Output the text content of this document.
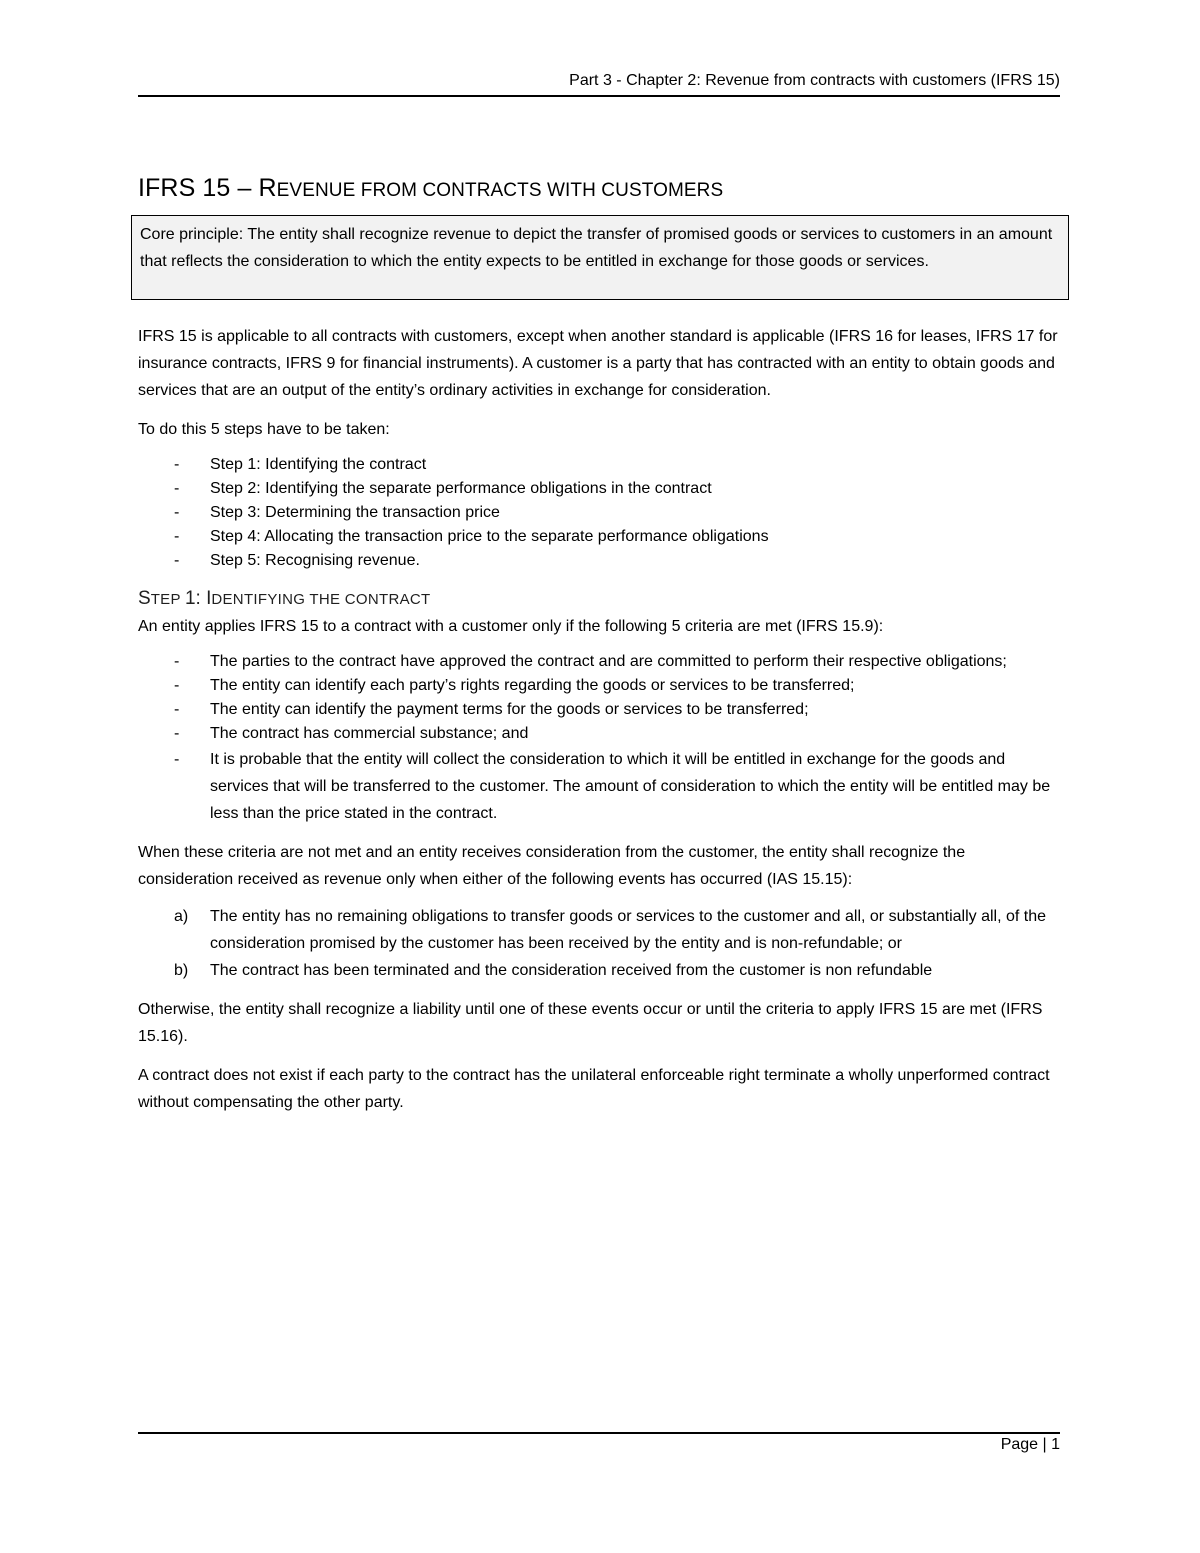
Part 3 - Chapter 2: Revenue from contracts with customers (IFRS 15)
IFRS 15 – REVENUE FROM CONTRACTS WITH CUSTOMERS
Core principle: The entity shall recognize revenue to depict the transfer of promised goods or services to customers in an amount that reflects the consideration to which the entity expects to be entitled in exchange for those goods or services.

IFRS 15 is applicable to all contracts with customers, except when another standard is applicable (IFRS 16 for leases, IFRS 17 for insurance contracts, IFRS 9 for financial instruments). A customer is a party that has contracted with an entity to obtain goods and services that are an output of the entity’s ordinary activities in exchange for consideration.

To do this 5 steps have to be taken:

- Step 1: Identifying the contract
- Step 2: Identifying the separate performance obligations in the contract
- Step 3: Determining the transaction price
- Step 4: Allocating the transaction price to the separate performance obligations
- Step 5: Recognising revenue.
STEP 1: IDENTIFYING THE CONTRACT

An entity applies IFRS 15 to a contract with a customer only if the following 5 criteria are met (IFRS 15.9):

- The parties to the contract have approved the contract and are committed to perform their respective obligations;
- The entity can identify each party’s rights regarding the goods or services to be transferred;
- The entity can identify the payment terms for the goods or services to be transferred;
- The contract has commercial substance; and
- It is probable that the entity will collect the consideration to which it will be entitled in exchange for the goods and services that will be transferred to the customer. The amount of consideration to which the entity will be entitled may be less than the price stated in the contract.

When these criteria are not met and an entity receives consideration from the customer, the entity shall recognize the consideration received as revenue only when either of the following events has occurred (IAS 15.15):

a) The entity has no remaining obligations to transfer goods or services to the customer and all, or substantially all, of the consideration promised by the customer has been received by the entity and is non-refundable; or
b) The contract has been terminated and the consideration received from the customer is non refundable

Otherwise, the entity shall recognize a liability until one of these events occur or until the criteria to apply IFRS 15 are met (IFRS 15.16).

A contract does not exist if each party to the contract has the unilateral enforceable right terminate a wholly unperformed contract without compensating the other party.

Page | 1
